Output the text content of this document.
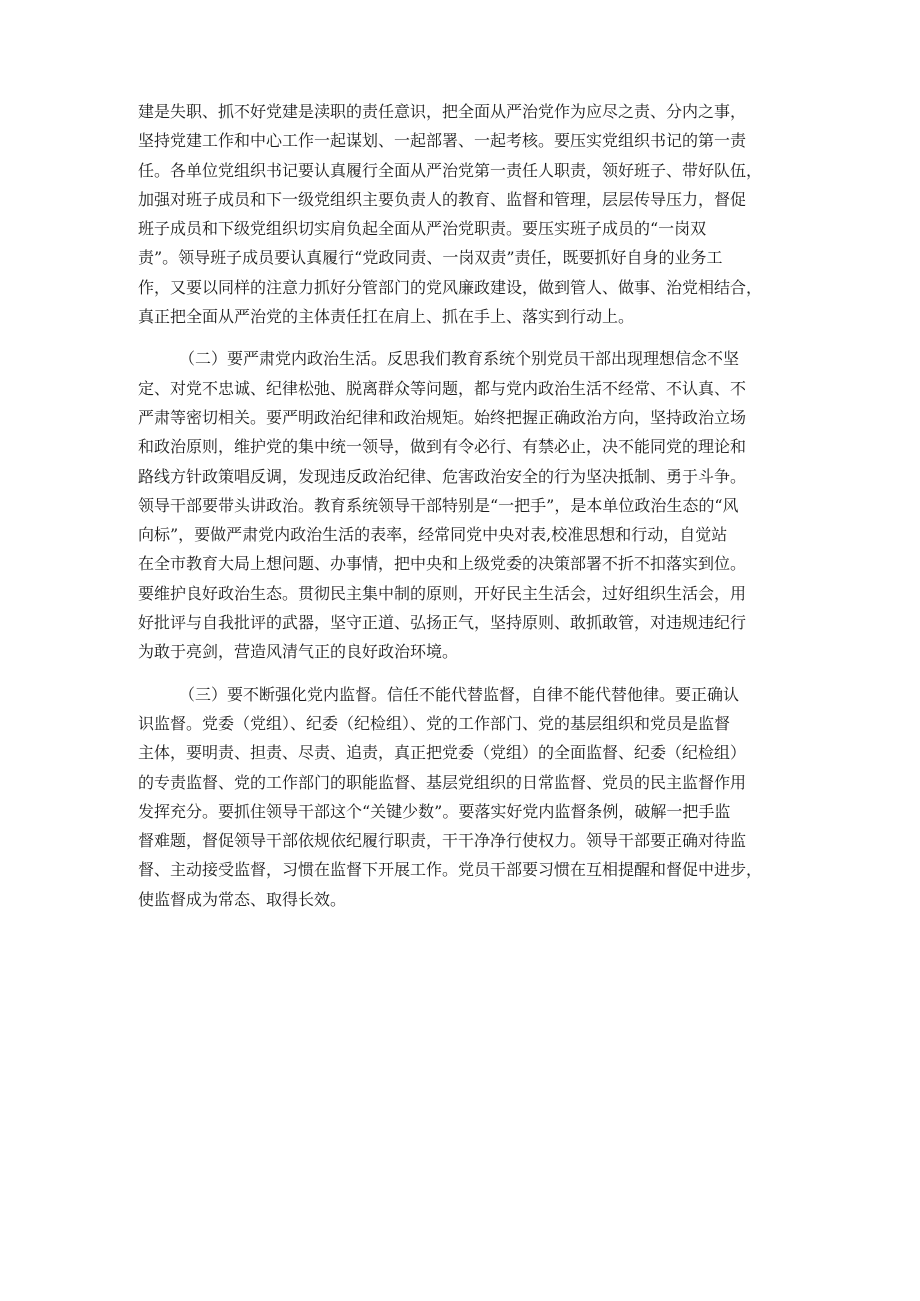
建是失职、抓不好党建是渎职的责任意识，把全面从严治党作为应尽之责、分内之事，
坚持党建工作和中心工作一起谋划、一起部署、一起考核。要压实党组织书记的第一责
任。各单位党组织书记要认真履行全面从严治党第一责任人职责，领好班子、带好队伍，
加强对班子成员和下一级党组织主要负责人的教育、监督和管理，层层传导压力，督促
班子成员和下级党组织切实肩负起全面从严治党职责。要压实班子成员的“一岗双
责”。领导班子成员要认真履行“党政同责、一岗双责”责任，既要抓好自身的业务工
作，又要以同样的注意力抓好分管部门的党风廉政建设，做到管人、做事、治党相结合，
真正把全面从严治党的主体责任扛在肩上、抓在手上、落实到行动上。
（二）要严肃党内政治生活。反思我们教育系统个别党员干部出现理想信念不坚
定、对党不忠诚、纪律松弛、脱离群众等问题，都与党内政治生活不经常、不认真、不
严肃等密切相关。要严明政治纪律和政治规矩。始终把握正确政治方向，坚持政治立场
和政治原则，维护党的集中统一领导，做到有令必行、有禁必止，决不能同党的理论和
路线方针政策唱反调，发现违反政治纪律、危害政治安全的行为坚决抵制、勇于斗争。
领导干部要带头讲政治。教育系统领导干部特别是“一把手”，是本单位政治生态的“风
向标”，要做严肃党内政治生活的表率，经常同党中央对表,校准思想和行动，自觉站
在全市教育大局上想问题、办事情，把中央和上级党委的决策部署不折不扣落实到位。
要维护良好政治生态。贯彻民主集中制的原则，开好民主生活会，过好组织生活会，用
好批评与自我批评的武器，坚守正道、弘扬正气，坚持原则、敢抓敢管，对违规违纪行
为敢于亮剑，营造风清气正的良好政治环境。
（三）要不断强化党内监督。信任不能代替监督，自律不能代替他律。要正确认
识监督。党委（党组）、纪委（纪检组）、党的工作部门、党的基层组织和党员是监督
主体，要明责、担责、尽责、追责，真正把党委（党组）的全面监督、纪委（纪检组）
的专责监督、党的工作部门的职能监督、基层党组织的日常监督、党员的民主监督作用
发挥充分。要抓住领导干部这个“关键少数”。要落实好党内监督条例，破解一把手监
督难题，督促领导干部依规依纪履行职责，干干净净行使权力。领导干部要正确对待监
督、主动接受监督，习惯在监督下开展工作。党员干部要习惯在互相提醒和督促中进步，
使监督成为常态、取得长效。
